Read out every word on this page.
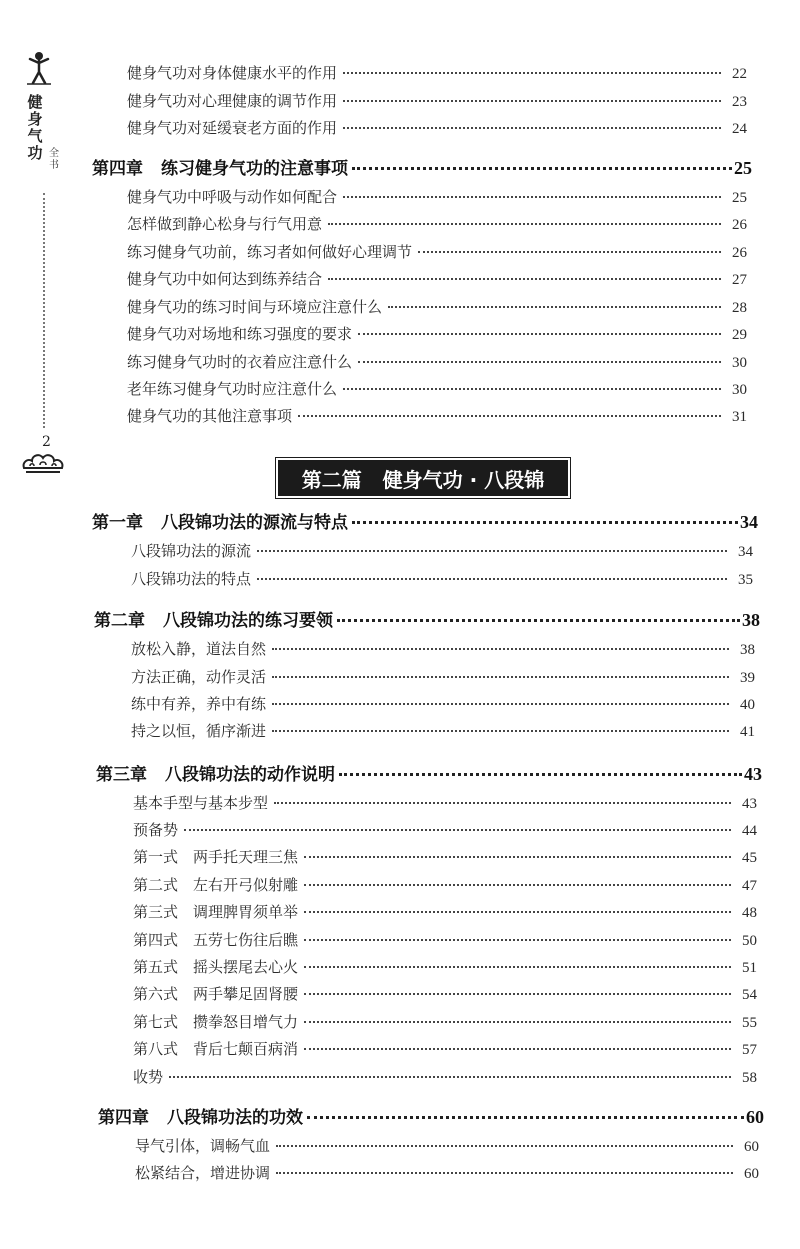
健身气功 全书
2
健身气功对身体健康水平的作用	22
健身气功对心理健康的调节作用	23
健身气功对延缓衰老方面的作用	24
第四章 练习健身气功的注意事项	25
健身气功中呼吸与动作如何配合	25
怎样做到静心松身与行气用意	26
练习健身气功前，练习者如何做好心理调节	26
健身气功中如何达到练养结合	27
健身气功的练习时间与环境应注意什么	28
健身气功对场地和练习强度的要求	29
练习健身气功时的衣着应注意什么	30
老年练习健身气功时应注意什么	30
健身气功的其他注意事项	31
第二篇
健身气功 · 八段锦
第一章 八段锦功法的源流与特点	34
八段锦功法的源流	34
八段锦功法的特点	35
第二章 八段锦功法的练习要领	38
放松入静，道法自然	38
方法正确，动作灵活	39
练中有养，养中有练	40
持之以恒，循序渐进	41
第三章 八段锦功法的动作说明	43
基本手型与基本步型	43
预备势	44
第一式　两手托天理三焦	45
第二式　左右开弓似射雕	47
第三式　调理脾胃须单举	48
第四式　五劳七伤往后瞧	50
第五式　摇头摆尾去心火	51
第六式　两手攀足固肾腰	54
第七式　攒拳怒目增气力	55
第八式　背后七颠百病消	57
收势	58
第四章 八段锦功法的功效	60
导气引体，调畅气血	60
松紧结合，增进协调	60
